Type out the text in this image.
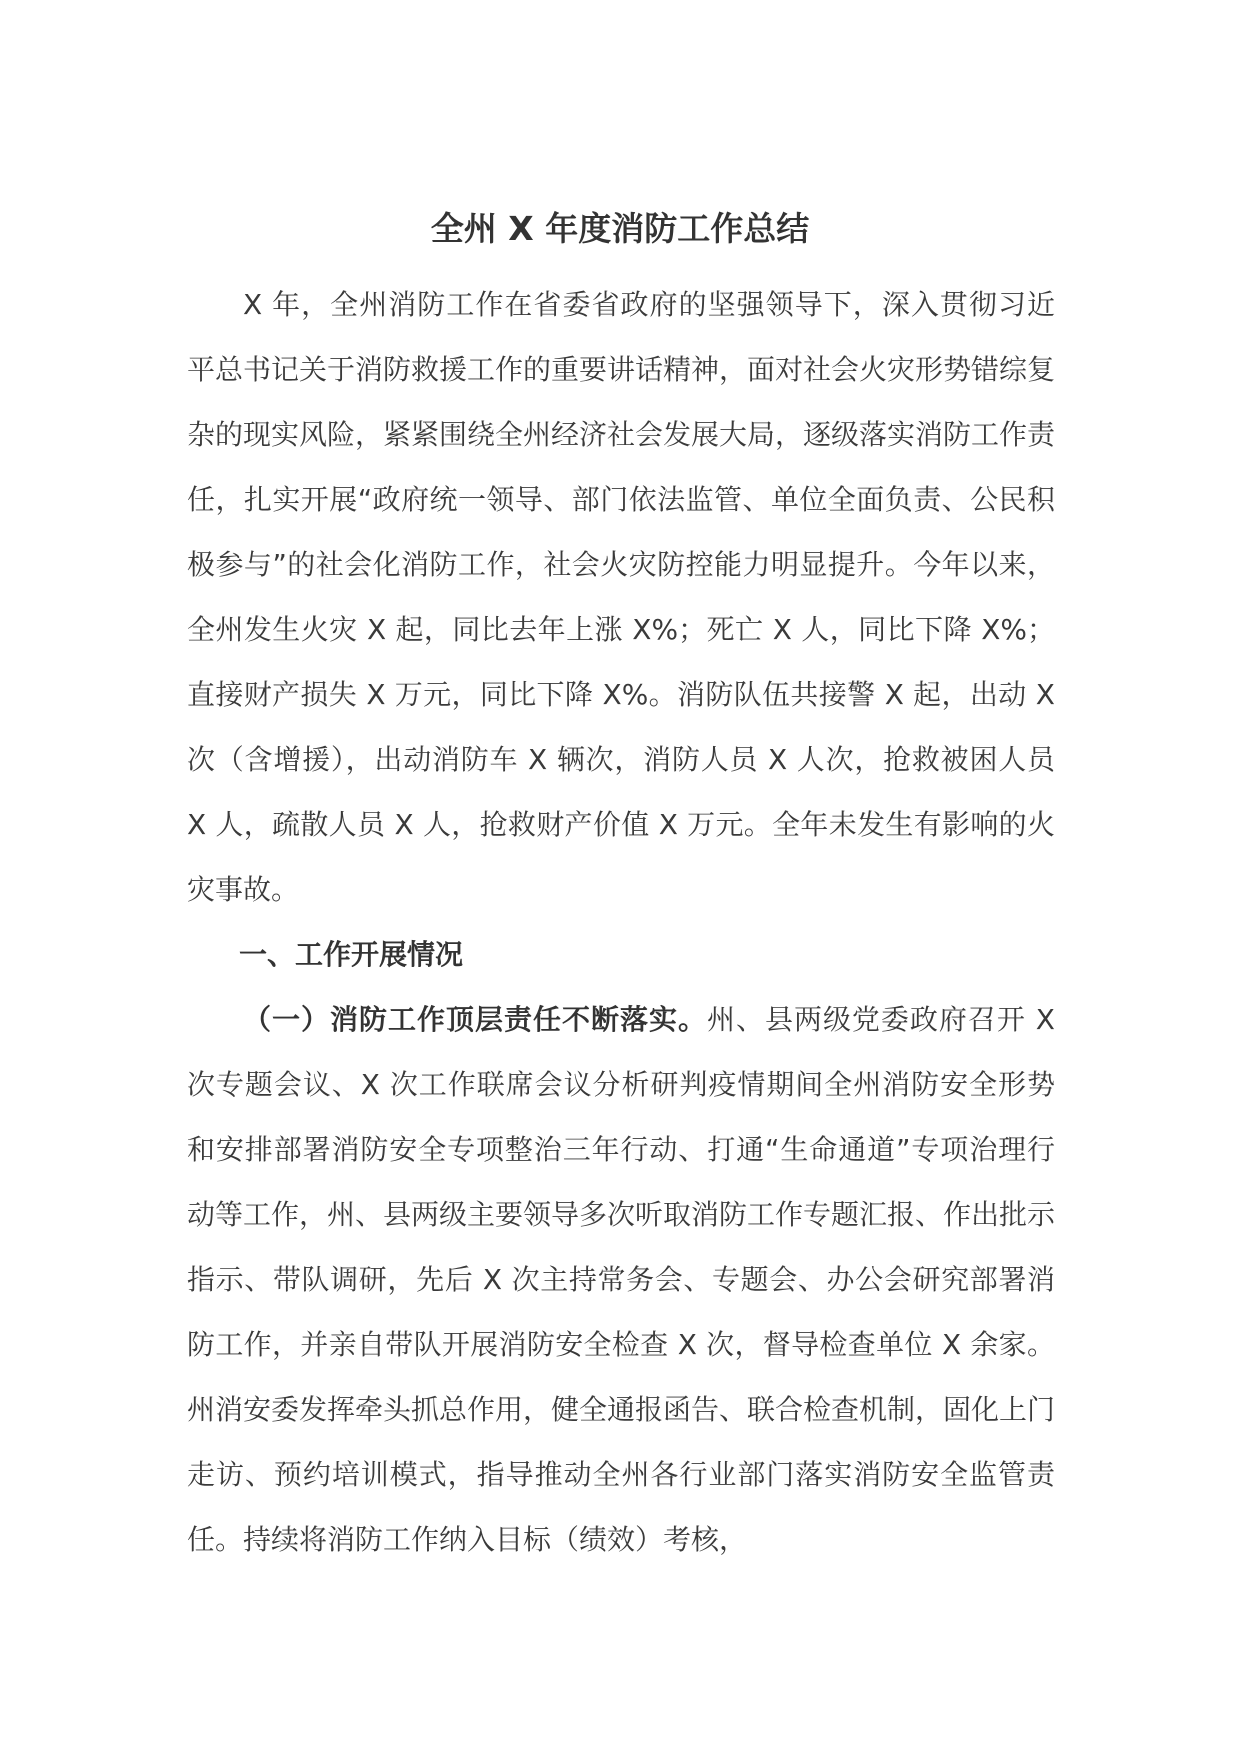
全州 X 年度消防工作总结

X 年，全州消防工作在省委省政府的坚强领导下，深入贯彻习近平总书记关于消防救援工作的重要讲话精神，面对社会火灾形势错综复杂的现实风险，紧紧围绕全州经济社会发展大局，逐级落实消防工作责任，扎实开展“政府统一领导、部门依法监管、单位全面负责、公民积极参与”的社会化消防工作，社会火灾防控能力明显提升。今年以来，全州发生火灾 X 起，同比去年上涨 X%；死亡 X 人，同比下降 X%；直接财产损失 X 万元，同比下降 X%。消防队伍共接警 X 起，出动 X 次（含增援），出动消防车 X 辆次，消防人员 X 人次，抢救被困人员 X 人，疏散人员 X 人，抢救财产价值 X 万元。全年未发生有影响的火灾事故。

一、工作开展情况

（一）消防工作顶层责任不断落实。州、县两级党委政府召开 X 次专题会议、X 次工作联席会议分析研判疫情期间全州消防安全形势和安排部署消防安全专项整治三年行动、打通“生命通道”专项治理行动等工作，州、县两级主要领导多次听取消防工作专题汇报、作出批示指示、带队调研，先后 X 次主持常务会、专题会、办公会研究部署消防工作，并亲自带队开展消防安全检查 X 次，督导检查单位 X 余家。州消安委发挥牵头抓总作用，健全通报函告、联合检查机制，固化上门走访、预约培训模式，指导推动全州各行业部门落实消防安全监管责任。持续将消防工作纳入目标（绩效）考核，
